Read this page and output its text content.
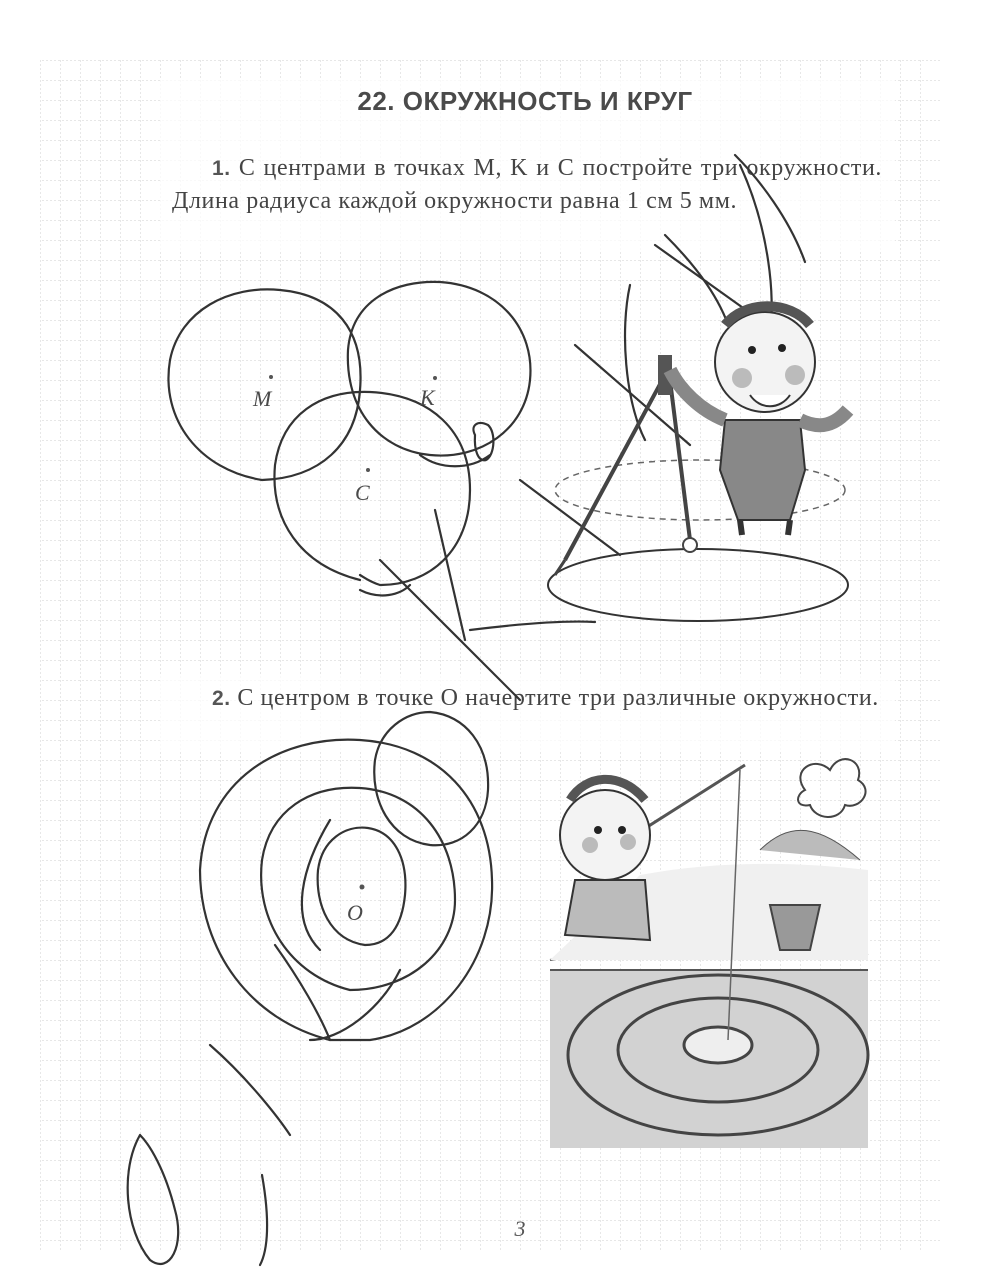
22. ОКРУЖНОСТЬ И КРУГ
1. С центрами в точках M, K и C постройте три окружности. Длина радиуса каждой окружности равна 1 см 5 мм.
2. С центром в точке O начертите три различные окружности.
M	K
C
O
3
